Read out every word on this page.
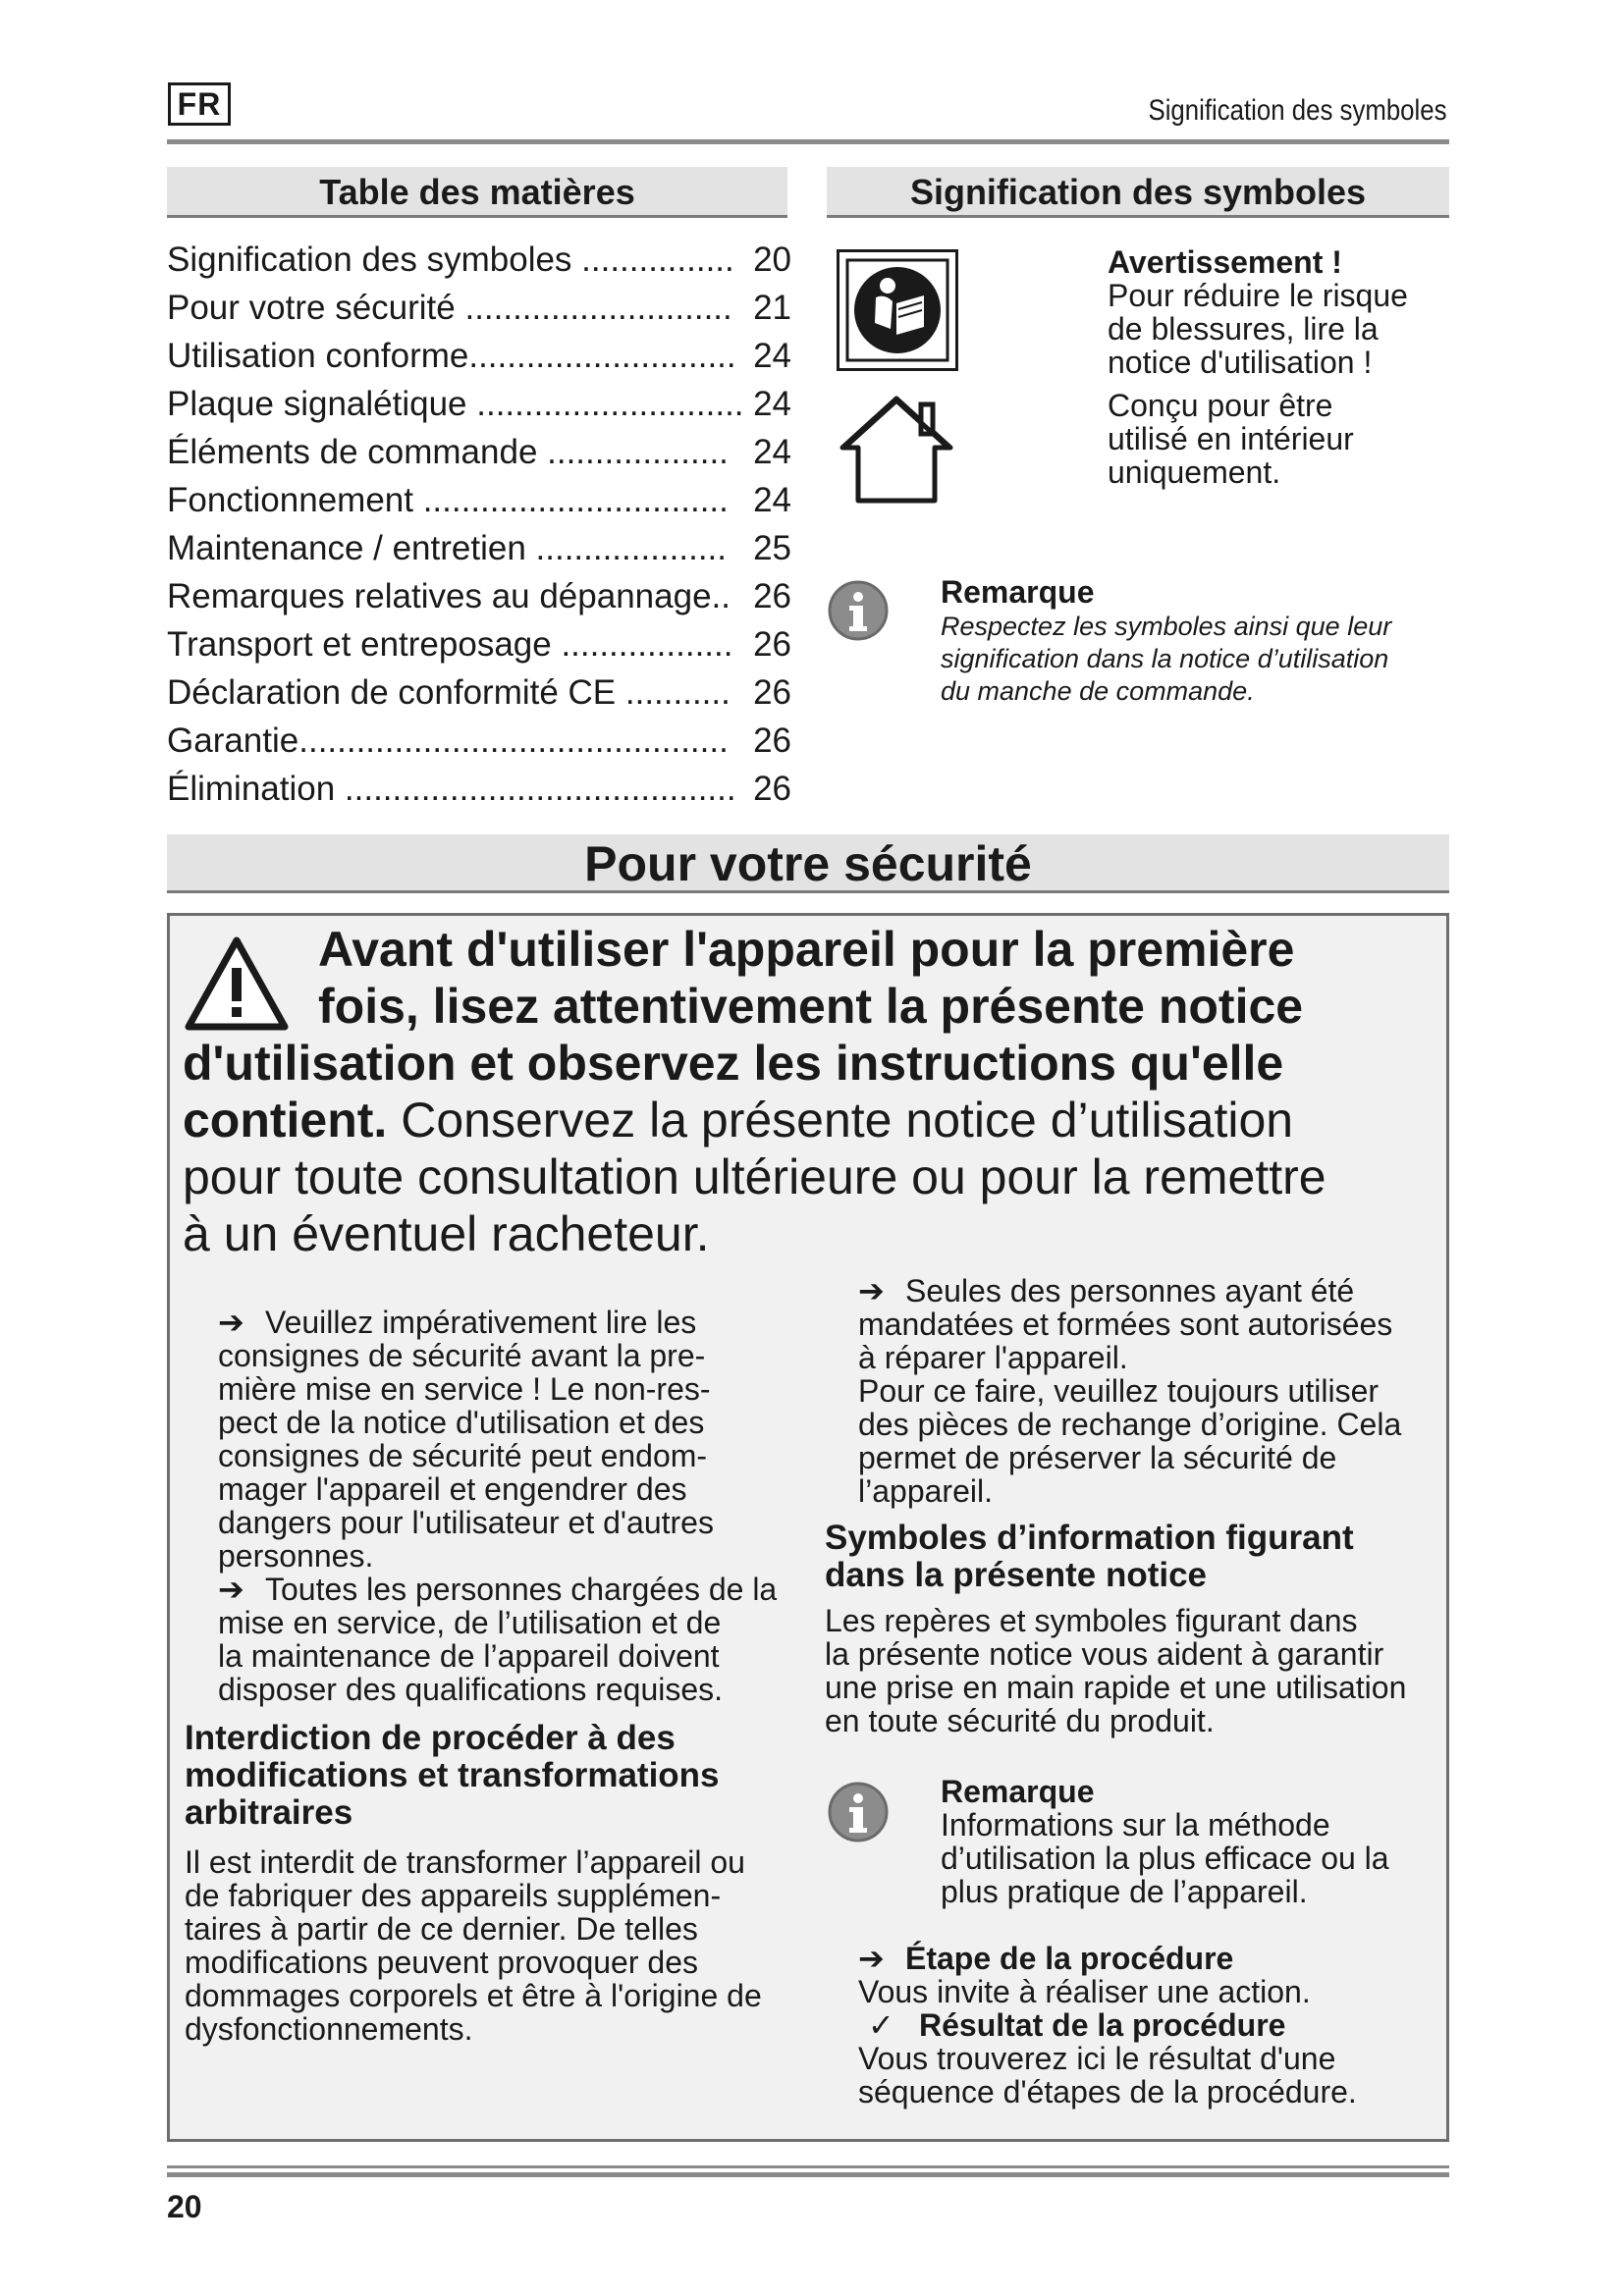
FR	Signification des symboles
Table des matières
Signification des symboles ................ 20
Pour votre sécurité ............................ 21
Utilisation conforme............................ 24
Plaque signalétique ............................ 24
Éléments de commande ................... 24
Fonctionnement ................................ 24
Maintenance / entretien .................... 25
Remarques relatives au dépannage.. 26
Transport et entreposage .................. 26
Déclaration de conformité CE ........... 26
Garantie............................................. 26
Élimination ......................................... 26
Signification des symboles
Avertissement !
Pour réduire le risque
de blessures, lire la
notice d'utilisation !
Conçu pour être
utilisé en intérieur
uniquement.
Remarque
Respectez les symboles ainsi que leur
signification dans la notice d’utilisation
du manche de commande.
Pour votre sécurité
Avant d'utiliser l'appareil pour la première
fois, lisez attentivement la présente notice
d'utilisation et observez les instructions qu'elle
contient. Conservez la présente notice d’utilisation
pour toute consultation ultérieure ou pour la remettre
à un éventuel racheteur.
➔ Veuillez impérativement lire les
consignes de sécurité avant la pre-
mière mise en service ! Le non-res-
pect de la notice d'utilisation et des
consignes de sécurité peut endom-
mager l'appareil et engendrer des
dangers pour l'utilisateur et d'autres
personnes.
➔ Toutes les personnes chargées de la
mise en service, de l’utilisation et de
la maintenance de l’appareil doivent
disposer des qualifications requises.
Interdiction de procéder à des
modifications et transformations
arbitraires
Il est interdit de transformer l’appareil ou
de fabriquer des appareils supplémen-
taires à partir de ce dernier. De telles
modifications peuvent provoquer des
dommages corporels et être à l'origine de
dysfonctionnements.
➔ Seules des personnes ayant été
mandatées et formées sont autorisées
à réparer l'appareil.
Pour ce faire, veuillez toujours utiliser
des pièces de rechange d’origine. Cela
permet de préserver la sécurité de
l’appareil.
Symboles d’information figurant
dans la présente notice
Les repères et symboles figurant dans
la présente notice vous aident à garantir
une prise en main rapide et une utilisation
en toute sécurité du produit.
Remarque
Informations sur la méthode
d’utilisation la plus efficace ou la
plus pratique de l’appareil.
➔ Étape de la procédure
Vous invite à réaliser une action.
✓ Résultat de la procédure
Vous trouverez ici le résultat d'une
séquence d'étapes de la procédure.
20
